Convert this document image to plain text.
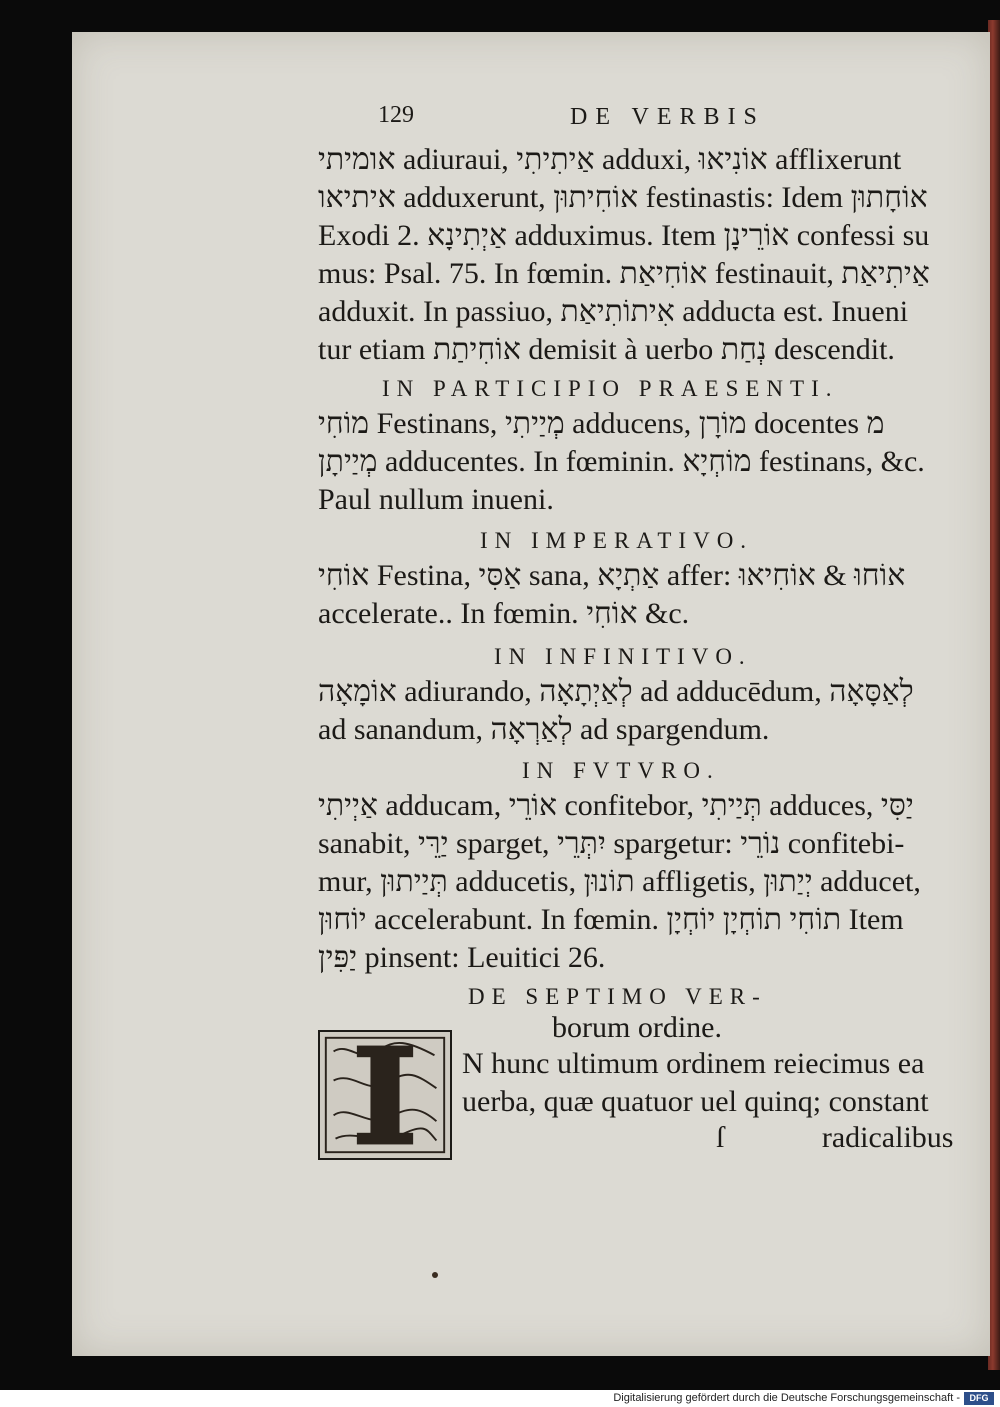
129	DE VERBIS
אומיתי adiuraui, אַיתִיתִי adduxi, אוֹנִיאוּ afflixerunt
איתיאו adduxerunt, אוֹחִיתוּן festinastis: Idem אוֹחָתוּן
Exodi 2. אַיְתִינָא adduximus. Item אוֹרֵינָן confessi su
mus: Psal. 75. In fœmin. אוֹחִיאַת festinauit, אַיתִיאַת
adduxit. In passiuo, אִיתוֹתִיאַת adducta est. Inueni
tur etiam אוֹחִיתַת demisit à uerbo נְחַת descendit.
IN PARTICIPIO PRAESENTI.
מוֹחִי Festinans, מְיַיתִי adducens, מוֹרָן docentes מ
מְיַיתָן adducentes. In fœminin. מוֹחְיָא festinans, &c.
Paul nullum inueni.
IN IMPERATIVO.
אוֹחִי Festina, אַסִּי sana, אַתְיָא affer: אוֹחוּ & אוֹחִיאוּ
accelerate.. In fœmin. אוֹחִי &c.
IN INFINITIVO.
אוֹמָאָה adiurando, לְאַיְתָאָה ad adducēdum, לְאַסָּאָה
ad sanandum, לְאַרְאָה ad spargendum.
IN FVTVRO.
אַיְיתִי adducam, אוֹרֵי confitebor, תְּיַיתִי adduces, יַסִּי
sanabit, יַרֵּי sparget, יִתְּרֵי spargetur: נוֹרֵי confitebi-
mur, תְּיַיתוּן adducetis, תוֹנוּן affligetis, יְיַתוּן adducet,
יוֹחוּן accelerabunt. In fœmin. תוֹחִי תוֹחְיָן יוֹחְיָן Item
יַפִּין pinsent: Leuitici 26.
DE SEPTIMO VER-
borum ordine.
N hunc ultimum ordinem reiecimus ea
uerba, quæ quatuor uel quinq; constant
ſ radicalibus
Digitalisierung gefördert durch die Deutsche Forschungsgemeinschaft -	DFG
